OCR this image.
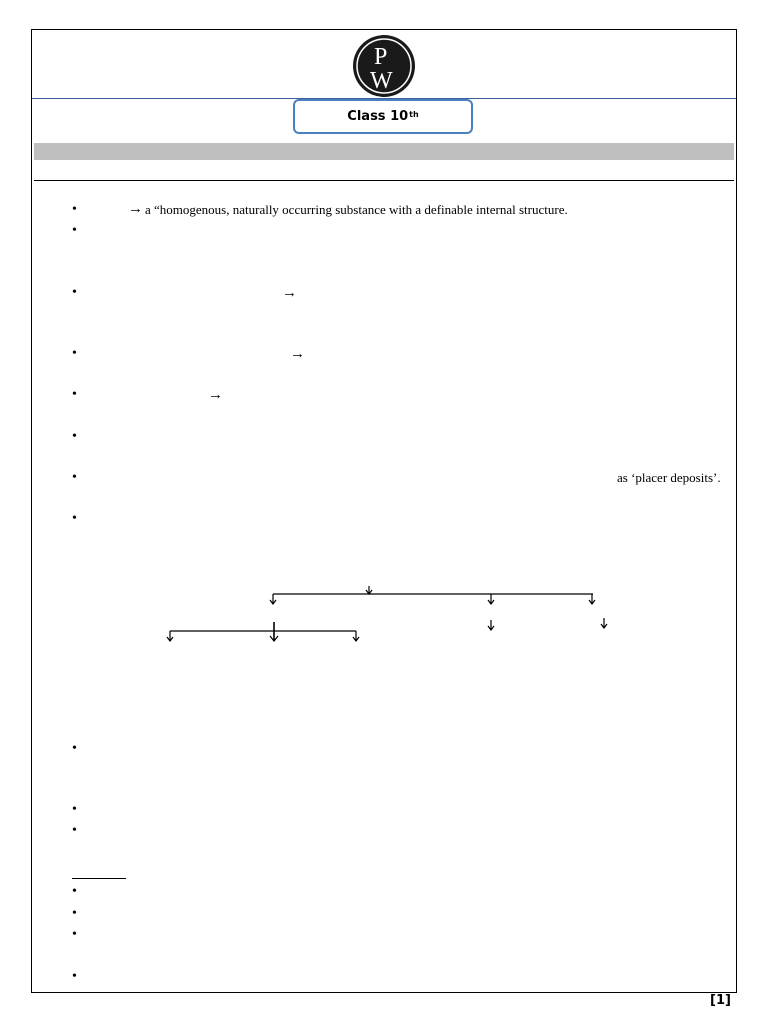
P
W
Class 10th
•	→ a “homogenous, naturally occurring substance with a definable internal structure.
•
•	→
•	→
•	→
•
•	as ‘placer deposits’.
•
•
•
•
•
•
•
•
[1]
